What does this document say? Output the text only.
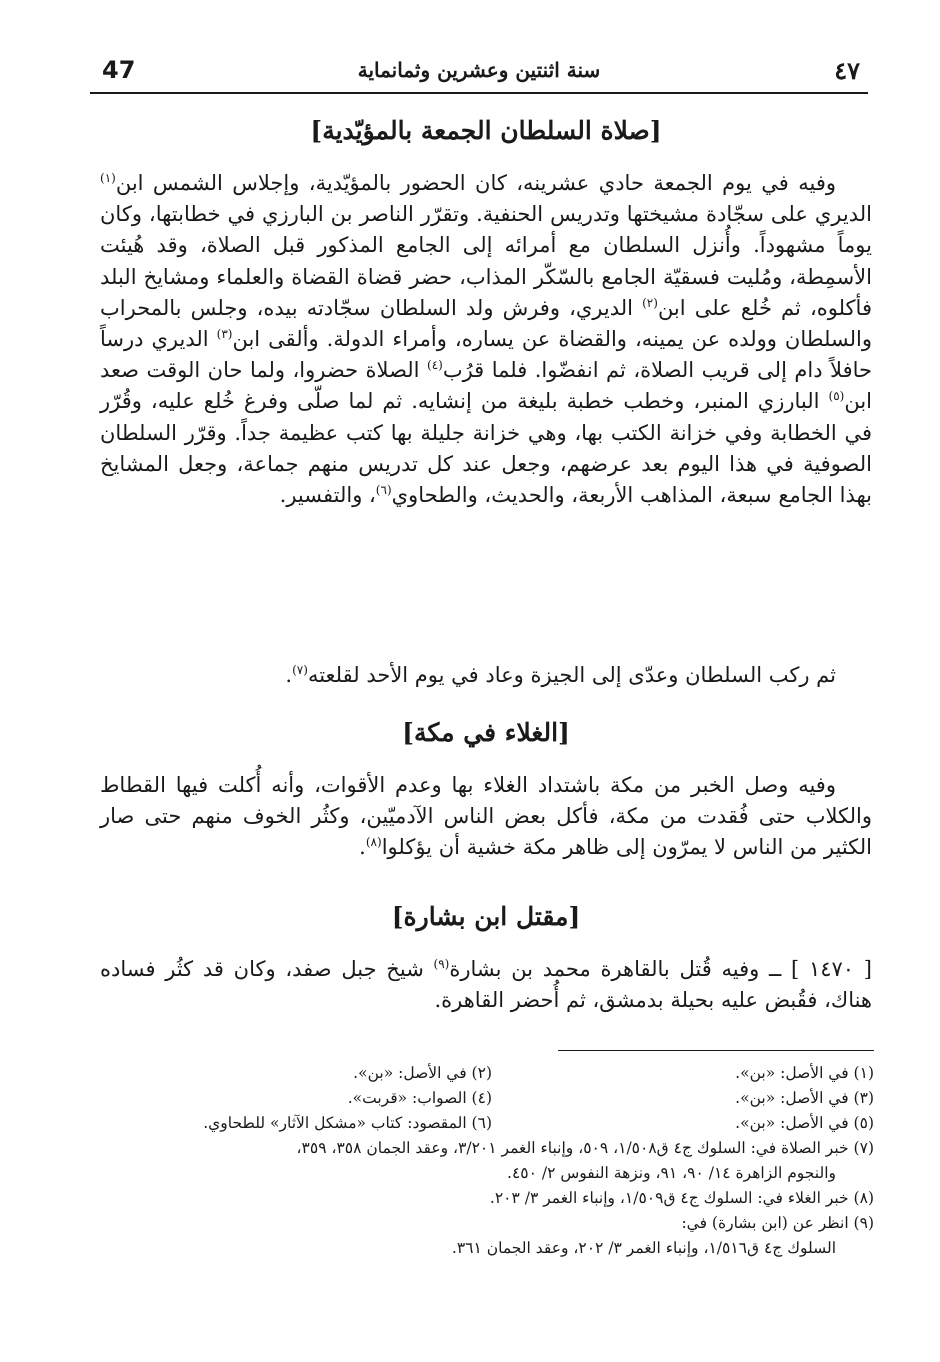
47	سنة اثنتين وعشرين وثمانماية	٤٧
[صلاة السلطان الجمعة بالمؤيّدية]

وفيه في يوم الجمعة حادي عشرينه، كان الحضور بالمؤيّدية، وإجلاس الشمس ابن$^{(١)}$ الديري على سجّادة مشيختها وتدريس الحنفية. وتقرّر الناصر بن البارزي في خطابتها، وكان يوماً مشهوداً. وأُنزل السلطان مع أمرائه إلى الجامع المذكور قبل الصلاة، وقد هُيئت الأسمِطة، ومُليت فسقيّة الجامع بالسّكّر المذاب، حضر قضاة القضاة والعلماء ومشايخ البلد فأكلوه، ثم خُلع على ابن$^{(٢)}$ الديري، وفرش ولد السلطان سجّادته بيده، وجلس بالمحراب والسلطان وولده عن يمينه، والقضاة عن يساره، وأمراء الدولة. وألقى ابن$^{(٣)}$ الديري درساً حافلاً دام إلى قريب الصلاة، ثم انفضّوا. فلما قرُب$^{(٤)}$ الصلاة حضروا، ولما حان الوقت صعد ابن$^{(٥)}$ البارزي المنبر، وخطب خطبة بليغة من إنشايه. ثم لما صلّى وفرغ خُلع عليه، وقُرّر في الخطابة وفي خزانة الكتب بها، وهي خزانة جليلة بها كتب عظيمة جداً. وقرّر السلطان الصوفية في هذا اليوم بعد عرضهم، وجعل عند كل تدريس منهم جماعة، وجعل المشايخ بهذا الجامع سبعة، المذاهب الأربعة، والحديث، والطحاوي$^{(٦)}$، والتفسير.

ثم ركب السلطان وعدّى إلى الجيزة وعاد في يوم الأحد لقلعته$^{(٧)}$.

[الغلاء في مكة]

وفيه وصل الخبر من مكة باشتداد الغلاء بها وعدم الأقوات، وأنه أُكلت فيها القطاط والكلاب حتى فُقدت من مكة، فأكل بعض الناس الآدميّين، وكثُر الخوف منهم حتى صار الكثير من الناس لا يمرّون إلى ظاهر مكة خشية أن يؤكلوا$^{(٨)}$.

[مقتل ابن بشارة]

[ ١٤٧٠ ] ــ وفيه قُتل بالقاهرة محمد بن بشارة$^{(٩)}$ شيخ جبل صفد، وكان قد كثُر فساده هناك، فقُبض عليه بحيلة بدمشق، ثم أُحضر القاهرة.

(١) في الأصل: «بن».
(٢) في الأصل: «بن».
(٣) في الأصل: «بن».
(٤) الصواب: «قربت».
(٥) في الأصل: «بن».
(٦) المقصود: كتاب «مشكل الآثار» للطحاوي.
(٧) خبر الصلاة في: السلوك ج٤ ق١/٥٠٨، ٥٠٩، وإنباء الغمر ٣/٢٠١، وعقد الجمان ٣٥٨، ٣٥٩،
والنجوم الزاهرة ١٤/ ٩٠، ٩١، ونزهة النفوس ٢/ ٤٥٠.
(٨) خبر الغلاء في: السلوك ج٤ ق١/٥٠٩، وإنباء الغمر ٣/ ٢٠٣.
(٩) انظر عن (ابن بشارة) في:
السلوك ج٤ ق١/٥١٦، وإنباء الغمر ٣/ ٢٠٢، وعقد الجمان ٣٦١.
